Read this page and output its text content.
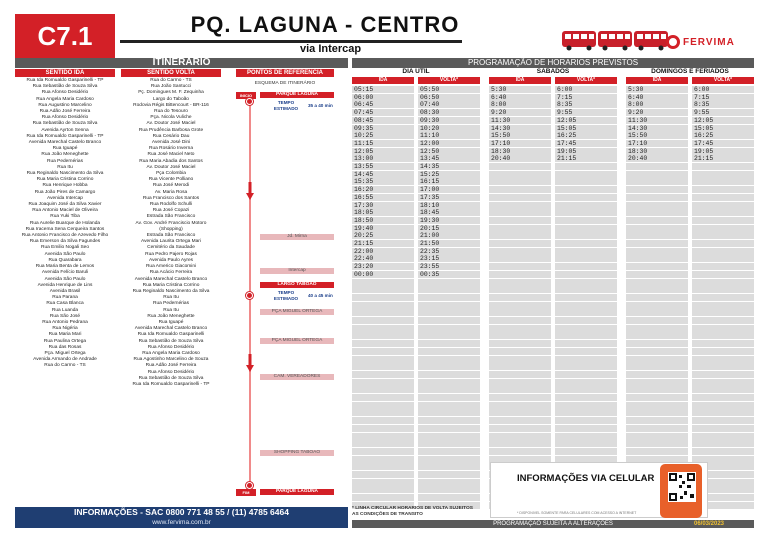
C7.1	PQ. LAGUNA - CENTRO
via Intercap
FERVIMA
ITINERARIO
SENTIDO IDA	SENTIDO VOLTA	PONTOS DE REFERENCIA
Rua Ida Romualdo Gasparinelli - TP
Rua Sebastião de Souza Silva
Rua Afonso Desidério
Rua Angela Maria Cardoso
Rua Augustino Marcelino
Rua Adão José Ferreira
Rua Afonso Desidério
Rua Sebastião de Souza Silva
Avenida Ayrton Senna
Rua Ida Romualdo Gasparinelli - TP
Avenida Marechal Castelo Branco
Rua Iguapé
Rua João Meneghette
Rua Pedernérias
Rua Itu
Rua Reginaldo Nascimento da Silva
Rua Maria Cristina Corrino
Rua Henrique Hobba
Rua João Pires de Camargo
Avenida Intercap
Rua Joaquim José da Silva Xavier
Rua Antonio Maciel de Oliveira
Rua Yuki Tiba
Rua Aurelie Buarque de Holanda
Rua Iracema Sena Cerqueira Santos
Rua Antonio Francisco de Azevedo Filho
Rua Emerson da Silva Fagundes
Rua Emilio Nogali Seo
Avenida São Paulo
Rua Quarabara
Rua Maria Benta de Lemos
Avenida Felício Baruli
Avenida São Paulo
Avenida Henrique de Lins
Avenida Brasil
Rua Parana
Rua Casa Blanca
Rua Luanda
Rua São José
Rua Antonio Pedrana
Rua Nigéria
Rua Maria Mari
Rua Paulina Ortega
Rua das Rosas
Pça. Miguel Ortega
Avenida Armando de Andrade
Rua do Carmo - TS
Rua do Carmo - TS
Rua João Santucci
Pç. Domingues M. F. Zequinha
Largo do Taboão
Rodovia Régis Bittencourt - BR-116
Rua do Tesouro
Pça. Nicola Vuliche
Av. Doutor José Maciel
Rua Prudência Barbosa Grote
Rua Cesário Dau
Avenida José Dini
Rua Rosário Inverna
Rua José Maciel Neto
Rua Maria Abadia dos Santos
Av. Doutor José Maciel
Pça Colombia
Rua Vicente Polliano
Rua José Merodi
Av. Maria Rosa
Rua Francisco dos Santos
Rua Rodolfo Schulli
Rua José Copazi
Estrada São Francisco
Av. Gov. André Franciscio Motoro
(Shopping)
Estrada São Francisco
Avenida Laurita Ortega Mari
Cemitério da Saudade
Rua Pedro Pajero Rojas
Avenida Paulo Ayres
Rua Americo Giacomini
Rua Acácio Ferreira
Avenida Marechal Castelo Branco
Rua Maria Cristina Corrino
Rua Reginaldo Nascimento da Silva
Rua Itu
Rua Pedernérias
Rua Itu
Rua João Meneghette
Rua Iguapé
Avenida Marechal Castelo Branco
Rua Ida Romualdo Gasparinelli
Rua Sebastião de Souza Silva
Rua Afonso Desidério
Rua Angela Maria Cardoso
Rua Agostinho Marcelino de Souza
Rua Adão José Ferreira
Rua Afonso Desidério
Rua Sebastião de Souza Silva
Rua Ida Romualdo Gasparinelli - TP
ESQUEMA DE ITINERÁRIO
INICIO	PARQUE LAGUNA
TEMPO ESTIMADO	35 a 40 min
Jd. Mirna
Intercap
LARGO TABOAO
TEMPO ESTIMADO	40 a 45 min
PÇA MIGUEL ORTEGA
PÇA MIGUEL ORTEGA
CAM. VEREADORES
SHOPPING TABOAO
FIM	PARQUE LAGUNA
INFORMAÇÕES - SAC 0800 771 48 55 / (11) 4785 6464
www.fervima.com.br
PROGRAMAÇÃO DE HORARIOS PREVISTOS
DIA UTIL
IDA
05:15
06:00
06:45
07:45
08:45
09:35
10:25
11:15
12:05
13:00
13:55
14:45
15:35
16:20
16:55
17:30
18:05
18:50
19:40
20:25
21:15
22:00
22:40
23:20
00:00
VOLTA*
05:50
06:50
07:40
08:30
09:30
10:20
11:10
12:00
12:50
13:45
14:35
15:25
16:15
17:00
17:35
18:10
18:45
19:30
20:15
21:00
21:50
22:35
23:15
23:55
00:35
SABADOS
IDA
5:30
6:40
8:00
9:20
11:30
14:30
15:50
17:10
18:30
20:40
VOLTA*
6:00
7:15
8:35
9:55
12:05
15:05
16:25
17:45
19:05
21:15
DOMINGOS E FERIADOS
IDA
5:30
6:40
8:00
9:20
11:30
14:30
15:50
17:10
18:30
20:40
VOLTA*
6:00
7:15
8:35
9:55
12:05
15:05
16:25
17:45
19:05
21:15
INFORMAÇÕES VIA CELULAR
* DISPONIVEL SOMENTE PARA CELULARES COM ACESSO A INTERNET
* LINHA CIRCULAR HORARIOS DE VOLTA SUJEITOS AS CONDIÇÕES DE TRANSITO
PROGRAMAÇÃO SUJEITA A ALTERAÇÕES	06/03/2023
